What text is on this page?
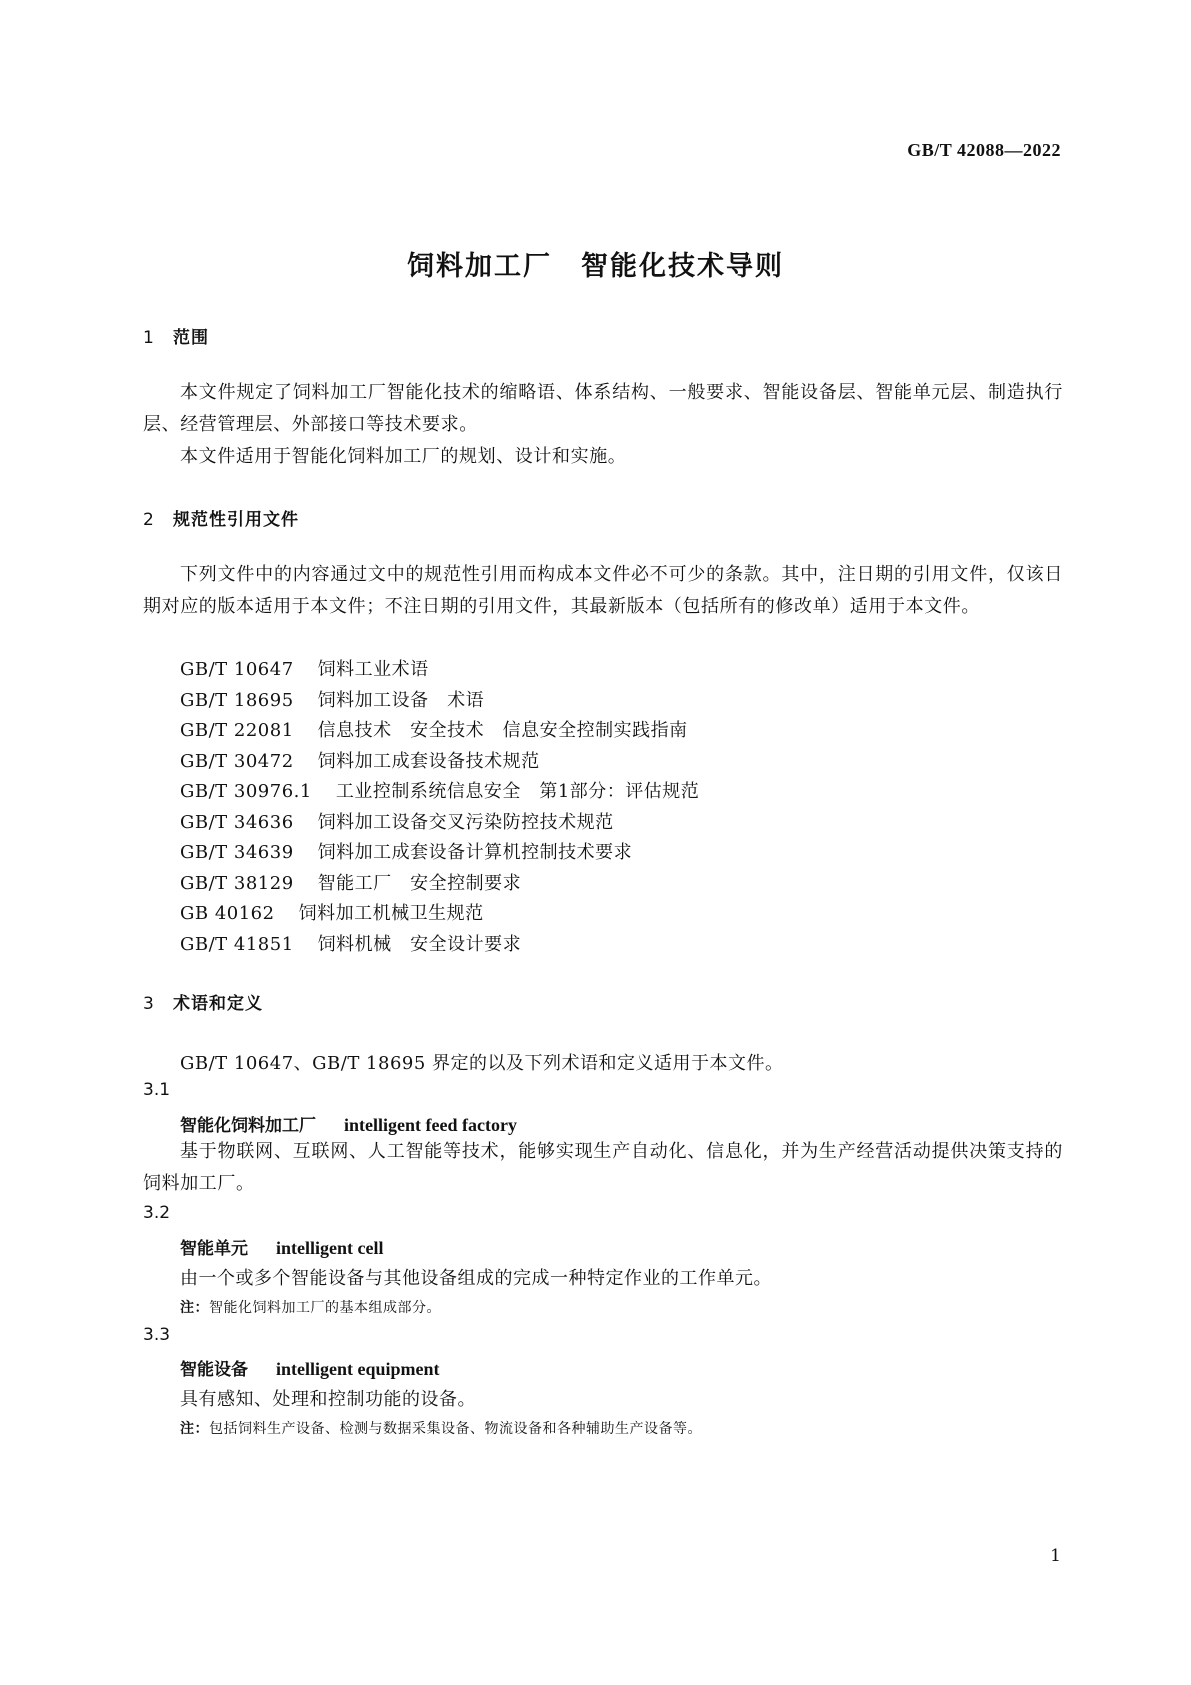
GB/T 42088—2022
饲料加工厂　智能化技术导则
1 范围
本文件规定了饲料加工厂智能化技术的缩略语、体系结构、一般要求、智能设备层、智能单元层、制造执行层、经营管理层、外部接口等技术要求。
本文件适用于智能化饲料加工厂的规划、设计和实施。
2 规范性引用文件
下列文件中的内容通过文中的规范性引用而构成本文件必不可少的条款。其中，注日期的引用文件，仅该日期对应的版本适用于本文件；不注日期的引用文件，其最新版本（包括所有的修改单）适用于本文件。
GB/T 10647 饲料工业术语
GB/T 18695 饲料加工设备　术语
GB/T 22081 信息技术　安全技术　信息安全控制实践指南
GB/T 30472 饲料加工成套设备技术规范
GB/T 30976.1 工业控制系统信息安全　第1部分：评估规范
GB/T 34636 饲料加工设备交叉污染防控技术规范
GB/T 34639 饲料加工成套设备计算机控制技术要求
GB/T 38129 智能工厂　安全控制要求
GB 40162 饲料加工机械卫生规范
GB/T 41851 饲料机械　安全设计要求
3 术语和定义
GB/T 10647、GB/T 18695 界定的以及下列术语和定义适用于本文件。
3.1
智能化饲料加工厂 intelligent feed factory
基于物联网、互联网、人工智能等技术，能够实现生产自动化、信息化，并为生产经营活动提供决策支持的饲料加工厂。
3.2
智能单元 intelligent cell
由一个或多个智能设备与其他设备组成的完成一种特定作业的工作单元。
注：智能化饲料加工厂的基本组成部分。
3.3
智能设备 intelligent equipment
具有感知、处理和控制功能的设备。
注：包括饲料生产设备、检测与数据采集设备、物流设备和各种辅助生产设备等。
1
